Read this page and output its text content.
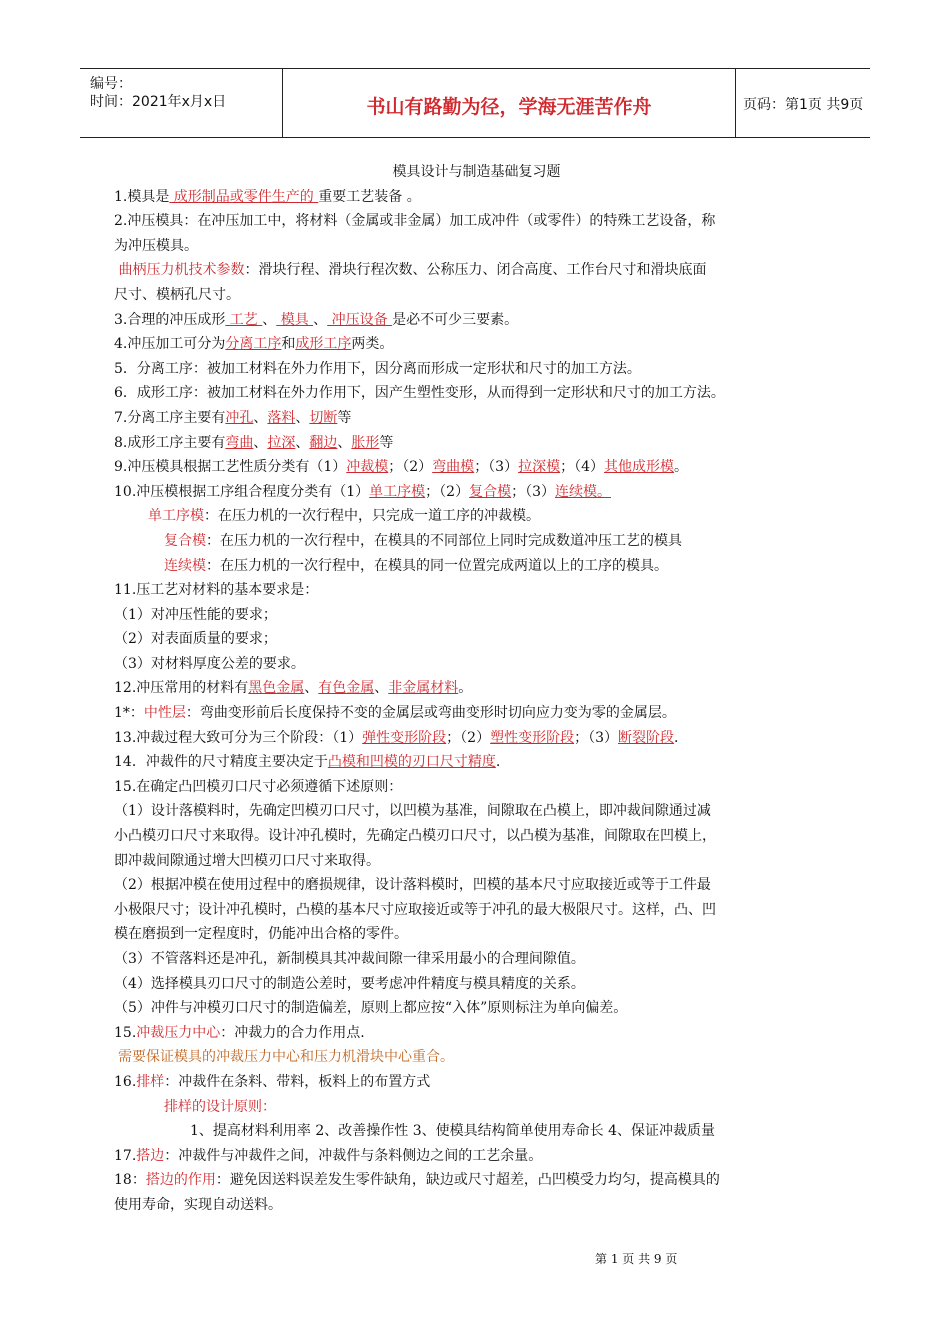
编号：
时间：2021年x月x日	书山有路勤为径，学海无涯苦作舟	页码：第1页 共9页
模具设计与制造基础复习题

1.模具是 成形制品或零件生产的 重要工艺装备 。

2.冲压模具：在冲压加工中，将材料（金属或非金属）加工成冲件（或零件）的特殊工艺设备，称

为冲压模具。

曲柄压力机技术参数：滑块行程、滑块行程次数、公称压力、闭合高度、工作台尺寸和滑块底面

尺寸、模柄孔尺寸。

3.合理的冲压成形 工艺 、 模具 、 冲压设备 是必不可少三要素。

4.冲压加工可分为分离工序和成形工序两类。

5．分离工序：被加工材料在外力作用下，因分离而形成一定形状和尺寸的加工方法。

6．成形工序：被加工材料在外力作用下，因产生塑性变形，从而得到一定形状和尺寸的加工方法。

7.分离工序主要有冲孔、落料、切断等

8.成形工序主要有弯曲、拉深、翻边、胀形等

9.冲压模具根据工艺性质分类有（1）冲裁模；（2）弯曲模；（3）拉深模；（4）其他成形模。

10.冲压模根据工序组合程度分类有（1）单工序模；（2）复合模；（3）连续模。

单工序模：在压力机的一次行程中，只完成一道工序的冲裁模。

复合模：在压力机的一次行程中，在模具的不同部位上同时完成数道冲压工艺的模具

连续模：在压力机的一次行程中，在模具的同一位置完成两道以上的工序的模具。

11.压工艺对材料的基本要求是：

（1）对冲压性能的要求；

（2）对表面质量的要求；

（3）对材料厚度公差的要求。

12.冲压常用的材料有黑色金属、有色金属、非金属材料。

1*：中性层：弯曲变形前后长度保持不变的金属层或弯曲变形时切向应力变为零的金属层。

13.冲裁过程大致可分为三个阶段：（1）弹性变形阶段；（2）塑性变形阶段；（3）断裂阶段.

14．冲裁件的尺寸精度主要决定于凸模和凹模的刃口尺寸精度.

15.在确定凸凹模刃口尺寸必须遵循下述原则：

（1）设计落模料时，先确定凹模刃口尺寸，以凹模为基准，间隙取在凸模上，即冲裁间隙通过减

小凸模刃口尺寸来取得。设计冲孔模时，先确定凸模刃口尺寸，以凸模为基准，间隙取在凹模上，

即冲裁间隙通过增大凹模刃口尺寸来取得。

（2）根据冲模在使用过程中的磨损规律，设计落料模时，凹模的基本尺寸应取接近或等于工件最

小极限尺寸；设计冲孔模时，凸模的基本尺寸应取接近或等于冲孔的最大极限尺寸。这样，凸、凹

模在磨损到一定程度时，仍能冲出合格的零件。

（3）不管落料还是冲孔，新制模具其冲裁间隙一律采用最小的合理间隙值。

（4）选择模具刃口尺寸的制造公差时，要考虑冲件精度与模具精度的关系。

（5）冲件与冲模刃口尺寸的制造偏差，原则上都应按“入体”原则标注为单向偏差。

15.冲裁压力中心：冲裁力的合力作用点.

需要保证模具的冲裁压力中心和压力机滑块中心重合。

16.排样：冲裁件在条料、带料，板料上的布置方式

排样的设计原则：

1、提高材料利用率 2、改善操作性 3、使模具结构简单使用寿命长 4、保证冲裁质量

17.搭边：冲裁件与冲裁件之间，冲裁件与条料侧边之间的工艺余量。

18：搭边的作用：避免因送料误差发生零件缺角，缺边或尺寸超差，凸凹模受力均匀，提高模具的

使用寿命，实现自动送料。

第 1 页 共 9 页
